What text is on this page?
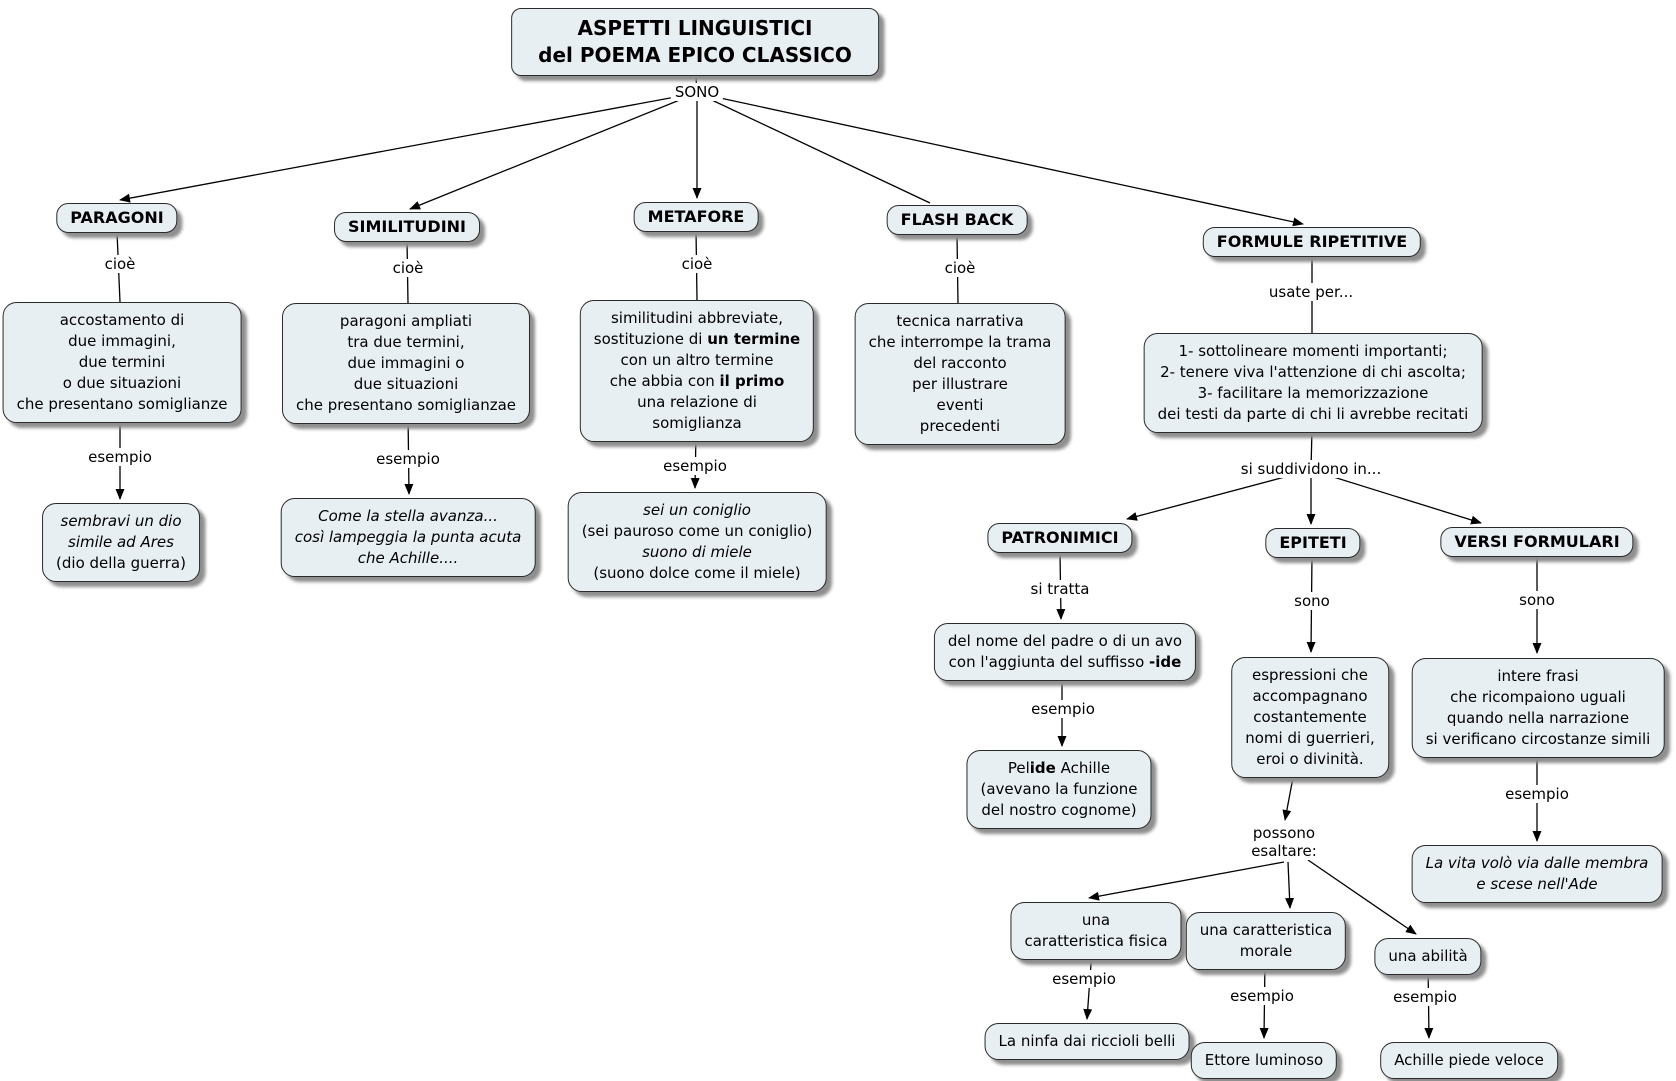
ASPETTI LINGUISTICI
del POEMA EPICO CLASSICO
SONO
PARAGONI
cioè
accostamento di
due immagini,
due termini
o due situazioni
che presentano somiglianze
esempio
sembravi un dio
simile ad Ares
(dio della guerra)
SIMILITUDINI
cioè
paragoni ampliati
tra due termini,
due immagini o
due situazioni
che presentano somiglianzae
esempio
Come la stella avanza...
così lampeggia la punta acuta
che Achille....
METAFORE
cioè
similitudini abbreviate,
sostituzione di un termine
con un altro termine
che abbia con il primo
una relazione di
somiglianza
esempio
sei un coniglio
(sei pauroso come un coniglio)
suono di miele
(suono dolce come il miele)
FLASH BACK
cioè
tecnica narrativa
che interrompe la trama
del racconto
per illustrare
eventi
precedenti
FORMULE RIPETITIVE
usate per...
1- sottolineare momenti importanti;
2- tenere viva l'attenzione di chi ascolta;
3- facilitare la memorizzazione
dei testi da parte di chi li avrebbe recitati
si suddividono in...
PATRONIMICI
si tratta
del nome del padre o di un avo
con l'aggiunta del suffisso -ide
esempio
Pelide Achille
(avevano la funzione
del nostro cognome)
EPITETI
sono
espressioni che
accompagnano
costantemente
nomi di guerrieri,
eroi o divinità.
possono
esaltare:
una
caratteristica fisica
una caratteristica
morale	una abilità
esempio
esempio	esempio
La ninfa dai riccioli belli
Ettore luminoso	Achille piede veloce
VERSI FORMULARI
sono
intere frasi
che ricompaiono uguali
quando nella narrazione
si verificano circostanze simili
esempio
La vita volò via dalle membra
e scese nell'Ade
